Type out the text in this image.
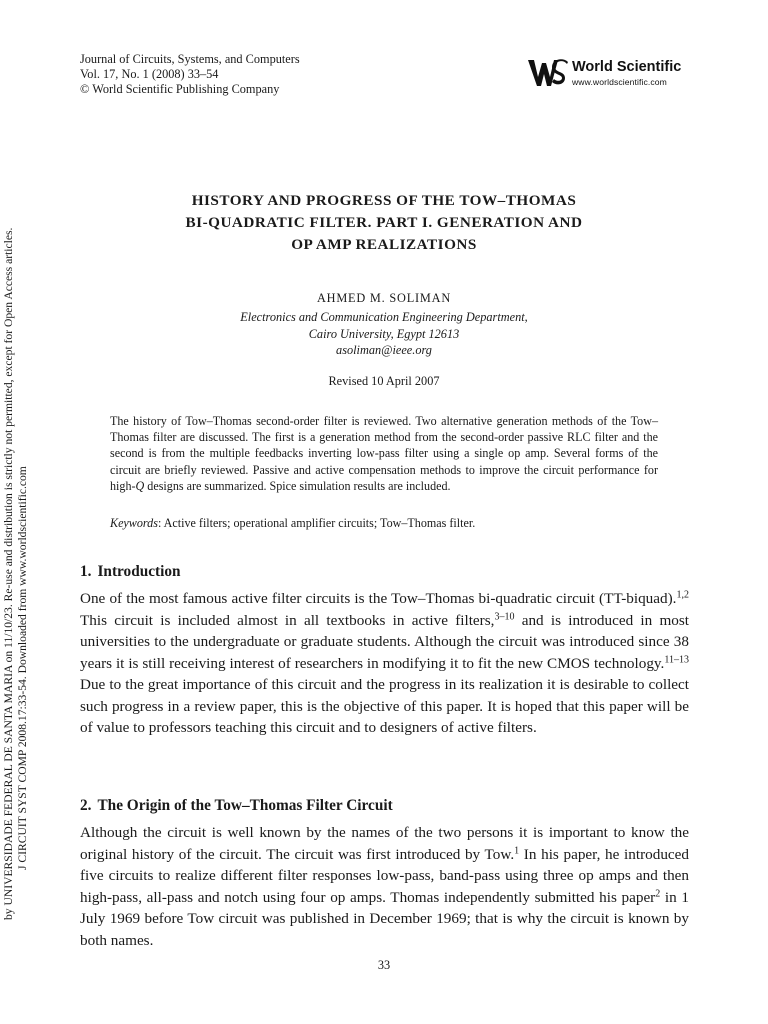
Journal of Circuits, Systems, and Computers
Vol. 17, No. 1 (2008) 33–54
© World Scientific Publishing Company
World Scientific
www.worldscientific.com
J CIRCUIT SYST COMP 2008.17:33-54. Downloaded from www.worldscientific.com
by UNIVERSIDADE FEDERAL DE SANTA MARIA on 11/10/23. Re-use and distribution is strictly not permitted, except for Open Access articles.
HISTORY AND PROGRESS OF THE TOW–THOMAS
BI-QUADRATIC FILTER. PART I. GENERATION AND
OP AMP REALIZATIONS
AHMED M. SOLIMAN
Electronics and Communication Engineering Department,
Cairo University, Egypt 12613
asoliman@ieee.org
Revised 10 April 2007
The history of Tow–Thomas second-order filter is reviewed. Two alternative generation methods of the Tow–Thomas filter are discussed. The first is a generation method from the second-order passive RLC filter and the second is from the multiple feedbacks inverting low-pass filter using a single op amp. Several forms of the circuit are briefly reviewed. Passive and active compensation methods to improve the circuit performance for high-Q designs are summarized. Spice simulation results are included.
Keywords: Active filters; operational amplifier circuits; Tow–Thomas filter.
1. Introduction

One of the most famous active filter circuits is the Tow–Thomas bi-quadratic circuit (TT-biquad).$^{1,2}$ This circuit is included almost in all textbooks in active filters,$^{3-10}$ and is introduced in most universities to the undergraduate or graduate students. Although the circuit was introduced since 38 years it is still receiving interest of researchers in modifying it to fit the new CMOS technology.$^{11-13}$ Due to the great importance of this circuit and the progress in its realization it is desirable to collect such progress in a review paper, this is the objective of this paper. It is hoped that this paper will be of value to professors teaching this circuit and to designers of active filters.

2. The Origin of the Tow–Thomas Filter Circuit

Although the circuit is well known by the names of the two persons it is important to know the original history of the circuit. The circuit was first introduced by Tow.$^1$ In his paper, he introduced five circuits to realize different filter responses low-pass, band-pass using three op amps and then high-pass, all-pass and notch using four op amps. Thomas independently submitted his paper$^2$ in 1 July 1969 before Tow circuit was published in December 1969; that is why the circuit is known by both names.

33
